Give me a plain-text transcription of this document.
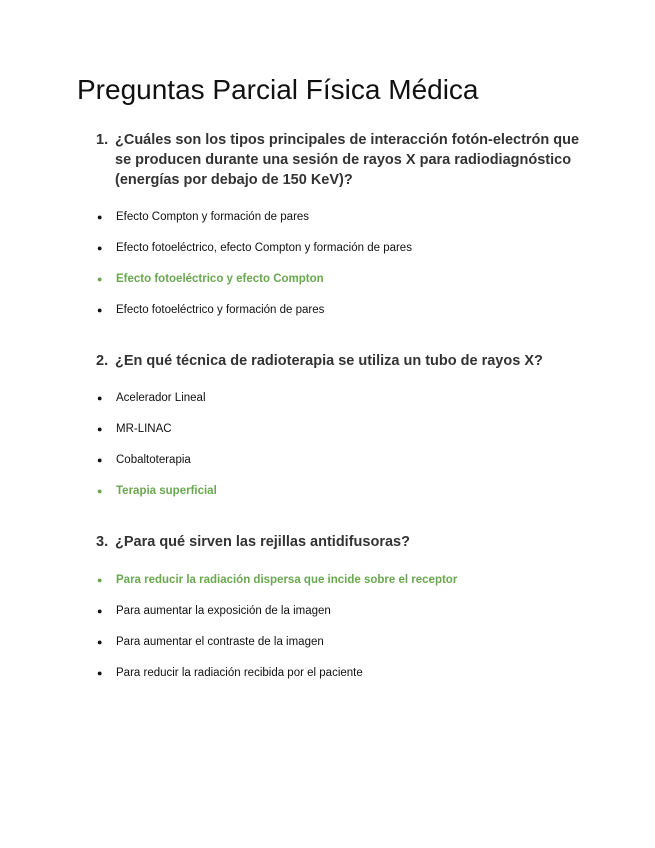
Preguntas Parcial Física Médica
1. ¿Cuáles son los tipos principales de interacción fotón-electrón que se producen durante una sesión de rayos X para radiodiagnóstico (energías por debajo de 150 KeV)?
●	Efecto Compton y formación de pares
●	Efecto fotoeléctrico, efecto Compton y formación de pares
●	Efecto fotoeléctrico y efecto Compton
●	Efecto fotoeléctrico y formación de pares
2. ¿En qué técnica de radioterapia se utiliza un tubo de rayos X?
●	Acelerador Lineal
●	MR-LINAC
●	Cobaltoterapia
●	Terapia superficial
3. ¿Para qué sirven las rejillas antidifusoras?
●	Para reducir la radiación dispersa que incide sobre el receptor
●	Para aumentar la exposición de la imagen
●	Para aumentar el contraste de la imagen
●	Para reducir la radiación recibida por el paciente
